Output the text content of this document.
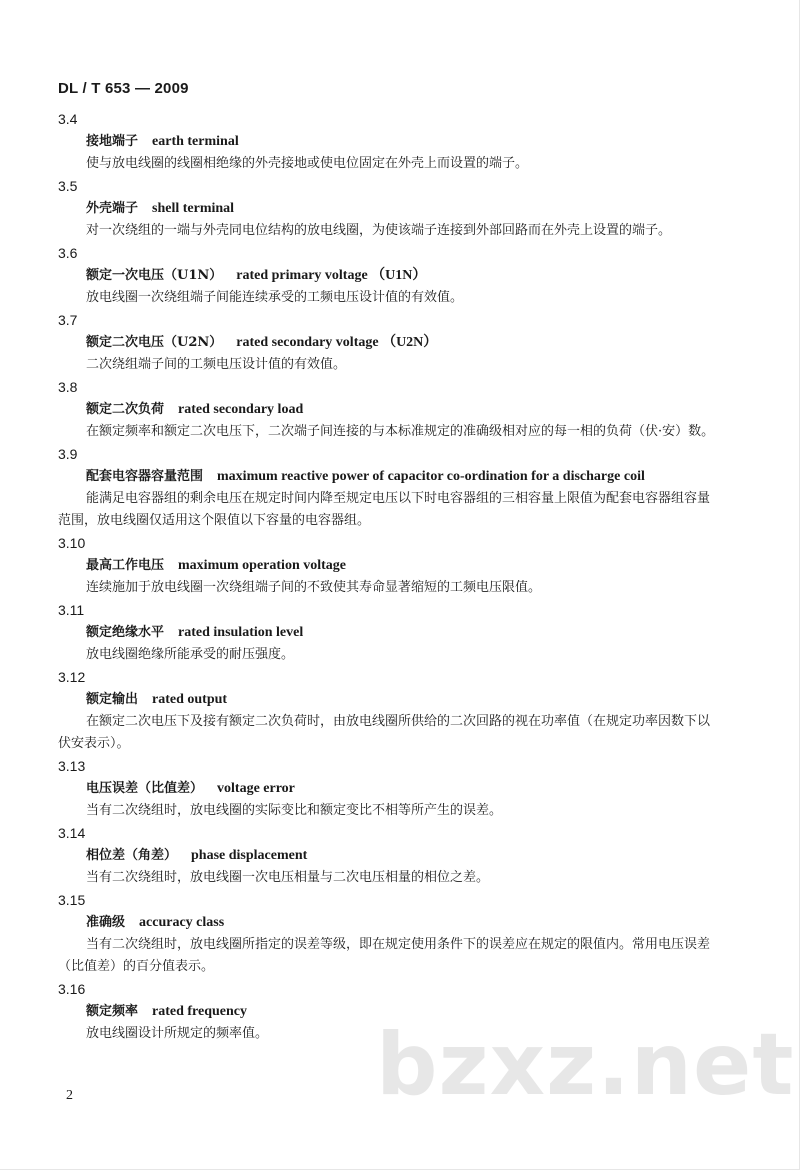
DL / T 653 — 2009
3.4
接地端子 earth terminal
使与放电线圈的线圈相绝缘的外壳接地或使电位固定在外壳上而设置的端子。
3.5
外壳端子 shell terminal
对一次绕组的一端与外壳同电位结构的放电线圈，为使该端子连接到外部回路而在外壳上设置的端子。
3.6
额定一次电压（U1N） rated primary voltage （U1N）
放电线圈一次绕组端子间能连续承受的工频电压设计值的有效值。
3.7
额定二次电压（U2N） rated secondary voltage （U2N）
二次绕组端子间的工频电压设计值的有效值。
3.8
额定二次负荷 rated secondary load
在额定频率和额定二次电压下，二次端子间连接的与本标准规定的准确级相对应的每一相的负荷（伏·安）数。
3.9
配套电容器容量范围 maximum reactive power of capacitor co-ordination for a discharge coil
能满足电容器组的剩余电压在规定时间内降至规定电压以下时电容器组的三相容量上限值为配套电容器组容量范围，放电线圈仅适用这个限值以下容量的电容器组。
3.10
最高工作电压 maximum operation voltage
连续施加于放电线圈一次绕组端子间的不致使其寿命显著缩短的工频电压限值。
3.11
额定绝缘水平 rated insulation level
放电线圈绝缘所能承受的耐压强度。
3.12
额定输出 rated output
在额定二次电压下及接有额定二次负荷时，由放电线圈所供给的二次回路的视在功率值（在规定功率因数下以伏安表示）。
3.13
电压误差（比值差） voltage error
当有二次绕组时，放电线圈的实际变比和额定变比不相等所产生的误差。
3.14
相位差（角差） phase displacement
当有二次绕组时，放电线圈一次电压相量与二次电压相量的相位之差。
3.15
准确级 accuracy class
当有二次绕组时，放电线圈所指定的误差等级，即在规定使用条件下的误差应在规定的限值内。常用电压误差（比值差）的百分值表示。
3.16
额定频率 rated frequency
放电线圈设计所规定的频率值。	bzxz.net
2
